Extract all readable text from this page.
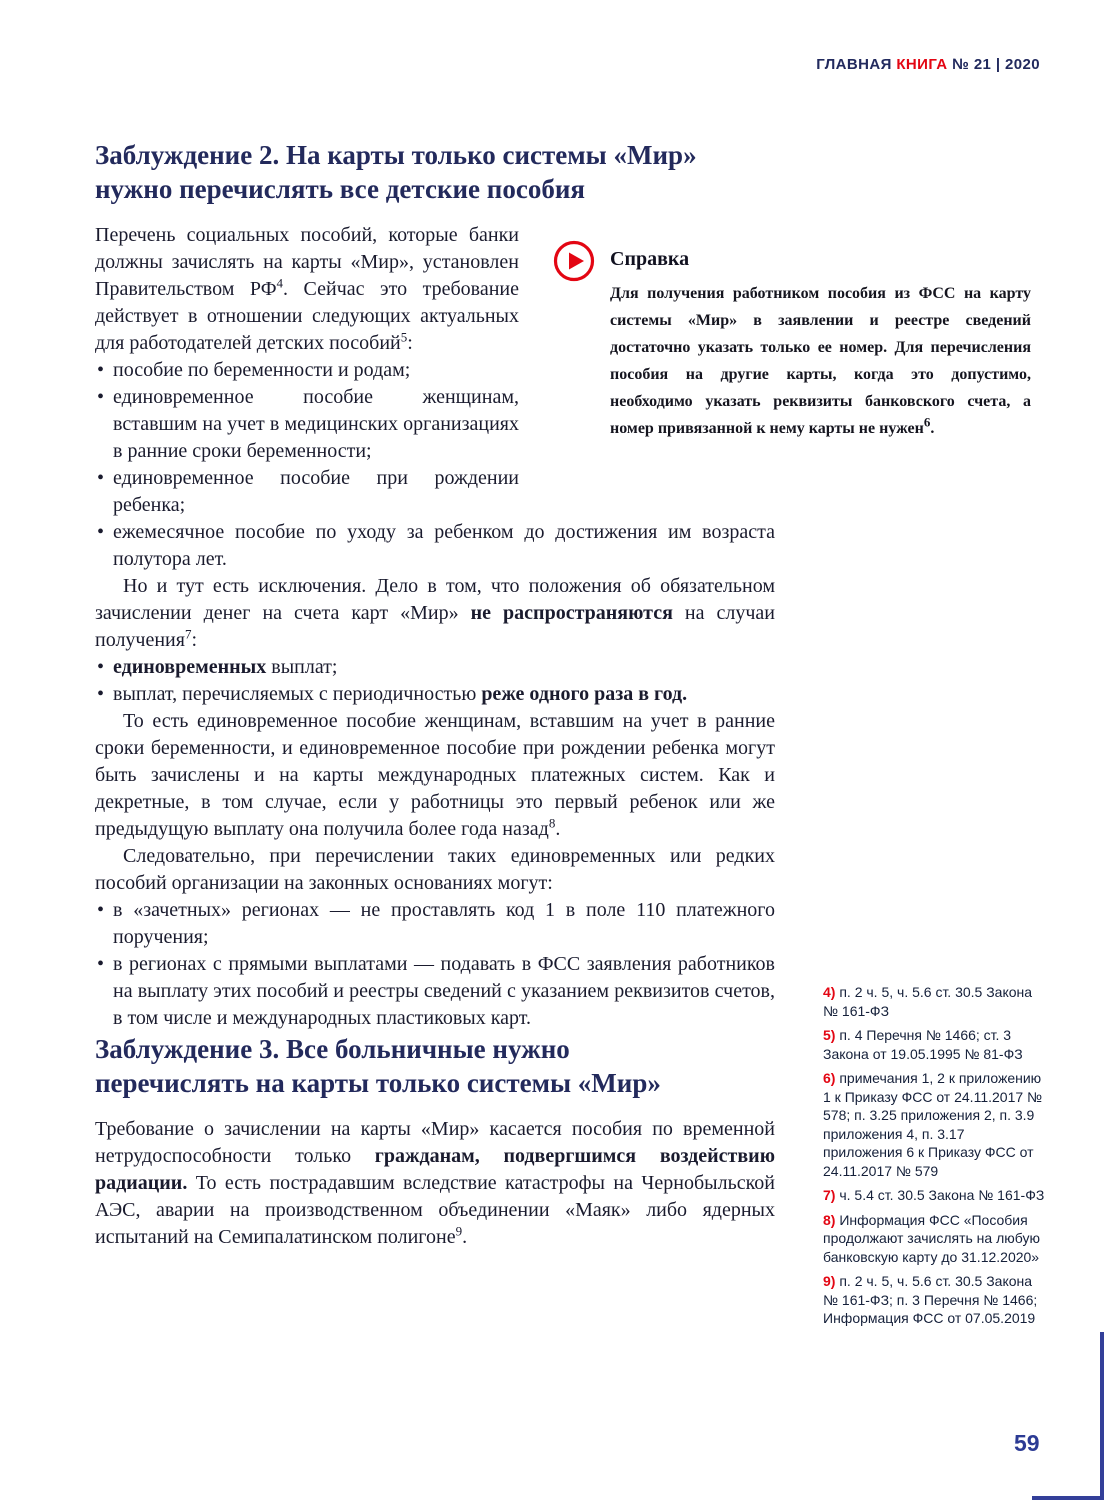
ГЛАВНАЯ КНИГА № 21 | 2020
Заблуждение 2. На карты только системы «Мир»
нужно перечислять все детские пособия

Перечень социальных пособий, которые банки должны зачислять на карты «Мир», установлен Правительством $РФ^4$. Сейчас это требование действует в отношении следующих актуальных для работодателей детских пособий$^5$:

• пособие по беременности и родам;

• единовременное пособие женщинам, вставшим на учет в медицинских организациях в ранние сроки беременности;

• единовременное пособие при рождении ребенка;

• ежемесячное пособие по уходу за ребенком до достижения им возраста полутора лет.

Но и тут есть исключения. Дело в том, что положения об обязательном зачислении денег на счета карт «Мир» не распространяются на случаи получения$^7$:

• единовременных выплат;

• выплат, перечисляемых с периодичностью реже одного раза в год.

То есть единовременное пособие женщинам, вставшим на учет в ранние сроки беременности, и единовременное пособие при рождении ребенка могут быть зачислены и на карты международных платежных систем. Как и декретные, в том случае, если у работницы это первый ребенок или же предыдущую выплату она получила более года назад$^8$.

Следовательно, при перечислении таких единовременных или редких пособий организации на законных основаниях могут:

• в «зачетных» регионах — не проставлять код 1 в поле 110 платежного поручения;

• в регионах с прямыми выплатами — подавать в ФСС заявления работников на выплату этих пособий и реестры сведений с указанием реквизитов счетов, в том числе и международных пластиковых карт.

Заблуждение 3. Все больничные нужно
перечислять на карты только системы «Мир»

Требование о зачислении на карты «Мир» касается пособия по временной нетрудоспособности только гражданам, подвергшимся воздействию радиации. То есть пострадавшим вследствие катастрофы на Чернобыльской АЭС, аварии на производственном объединении «Маяк» либо ядерных испытаний на Семипалатинском полигоне$^9$.

Справка

Для получения работником пособия из ФСС на карту системы «Мир» в заявлении и реестре сведений достаточно указать только ее номер. Для перечисления пособия на другие карты, когда это допустимо, необходимо указать реквизиты банковского счета, а номер привязанной к нему карты не нужен$^6$.

4) п. 2 ч. 5, ч. 5.6 ст. 30.5 Закона № 161-ФЗ

5) п. 4 Перечня № 1466; ст. 3 Закона от 19.05.1995 № 81-ФЗ

6) примечания 1, 2 к приложению 1 к Приказу ФСС от 24.11.2017 № 578; п. 3.25 приложения 2, п. 3.9 приложения 4, п. 3.17 приложения 6 к Приказу ФСС от 24.11.2017 № 579

7) ч. 5.4 ст. 30.5 Закона № 161-ФЗ

8) Информация ФСС «Пособия продолжают зачислять на любую банковскую карту до 31.12.2020»

9) п. 2 ч. 5, ч. 5.6 ст. 30.5 Закона № 161-ФЗ; п. 3 Перечня № 1466; Информация ФСС от 07.05.2019

59
